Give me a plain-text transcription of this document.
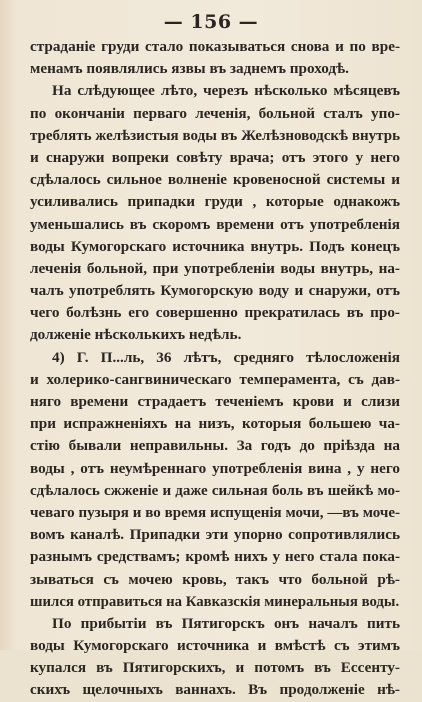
— 156 —
страданіе груди стало показываться снова и по вре-
менамъ появлялись язвы въ заднемъ проходѣ.
На слѣдующее лѣто, черезъ нѣсколько мѣсяцевъ
по окончаніи перваго леченія, больной сталъ упо-
треблять желѣзистыя воды въ Желѣзноводскѣ внутрь
и снаружи вопреки совѣту врача; отъ этого у него
сдѣлалось сильное волненіе кровеносной системы и
усиливались припадки груди , которые однакожъ
уменьшались въ скоромъ времени отъ употребленія
воды Кумогорскаго источника внутрь. Подъ конецъ
леченія больной, при употребленіи воды внутрь, на-
чалъ употреблять Кумогорскую воду и снаружи, отъ
чего болѣзнь его совершенно прекратилась въ про-
долженіе нѣсколькихъ недѣль.
4) Г. П...ль, 36 лѣтъ, средняго тѣлосложенія
и холерико-сангвиническаго темперамента, съ дав-
няго времени страдаетъ теченіемъ крови и слизи
при испражненіяхъ на низъ, которыя большею ча-
стію бывали неправильны. За годъ до прiѣзда на
воды , отъ неумѣреннаго употребленія вина , у него
сдѣлалось сжженіе и даже сильная боль въ шейкѣ мо-
чеваго пузыря и во время испущенія мочи, —въ моче-
вомъ каналѣ. Припадки эти упорно сопротивлялись
разнымъ средствамъ; кромѣ нихъ у него стала пока-
зываться съ мочею кровь, такъ что больной рѣ-
шился отправиться на Кавказскія минеральныя воды.
По прибытіи въ Пятигорскъ онъ началъ пить
воды Кумогорскаго источника и вмѣстѣ съ этимъ
купался въ Пятигорскихъ, и потомъ въ Ессенту-
скихъ щелочныхъ ваннахъ. Въ продолженіе нѣ-
